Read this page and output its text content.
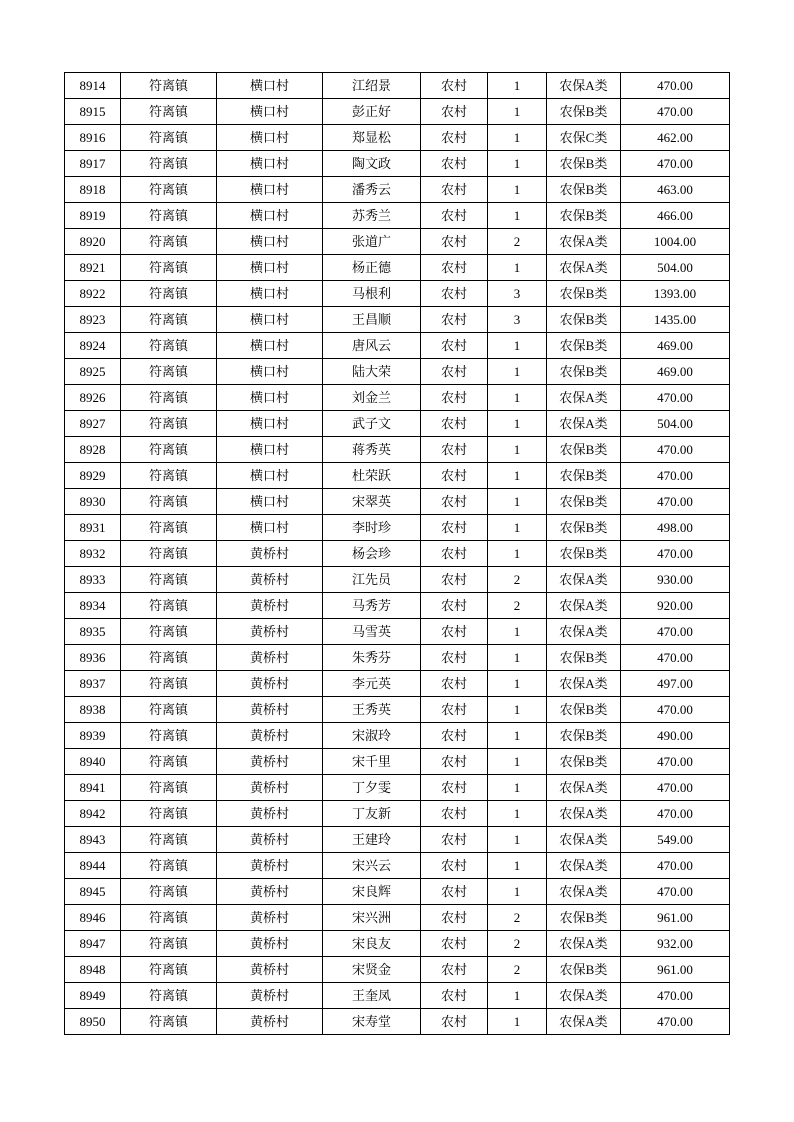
8914	符离镇	横口村	江绍景	农村	1	农保A类	470.00
8915	符离镇	横口村	彭正好	农村	1	农保B类	470.00
8916	符离镇	横口村	郑显松	农村	1	农保C类	462.00
8917	符离镇	横口村	陶文政	农村	1	农保B类	470.00
8918	符离镇	横口村	潘秀云	农村	1	农保B类	463.00
8919	符离镇	横口村	苏秀兰	农村	1	农保B类	466.00
8920	符离镇	横口村	张道广	农村	2	农保A类	1004.00
8921	符离镇	横口村	杨正德	农村	1	农保A类	504.00
8922	符离镇	横口村	马根利	农村	3	农保B类	1393.00
8923	符离镇	横口村	王昌顺	农村	3	农保B类	1435.00
8924	符离镇	横口村	唐风云	农村	1	农保B类	469.00
8925	符离镇	横口村	陆大荣	农村	1	农保B类	469.00
8926	符离镇	横口村	刘金兰	农村	1	农保A类	470.00
8927	符离镇	横口村	武子文	农村	1	农保A类	504.00
8928	符离镇	横口村	蒋秀英	农村	1	农保B类	470.00
8929	符离镇	横口村	杜荣跃	农村	1	农保B类	470.00
8930	符离镇	横口村	宋翠英	农村	1	农保B类	470.00
8931	符离镇	横口村	李时珍	农村	1	农保B类	498.00
8932	符离镇	黄桥村	杨会珍	农村	1	农保B类	470.00
8933	符离镇	黄桥村	江先员	农村	2	农保A类	930.00
8934	符离镇	黄桥村	马秀芳	农村	2	农保A类	920.00
8935	符离镇	黄桥村	马雪英	农村	1	农保A类	470.00
8936	符离镇	黄桥村	朱秀芬	农村	1	农保B类	470.00
8937	符离镇	黄桥村	李元英	农村	1	农保A类	497.00
8938	符离镇	黄桥村	王秀英	农村	1	农保B类	470.00
8939	符离镇	黄桥村	宋淑玲	农村	1	农保B类	490.00
8940	符离镇	黄桥村	宋千里	农村	1	农保B类	470.00
8941	符离镇	黄桥村	丁夕雯	农村	1	农保A类	470.00
8942	符离镇	黄桥村	丁友新	农村	1	农保A类	470.00
8943	符离镇	黄桥村	王建玲	农村	1	农保A类	549.00
8944	符离镇	黄桥村	宋兴云	农村	1	农保A类	470.00
8945	符离镇	黄桥村	宋良辉	农村	1	农保A类	470.00
8946	符离镇	黄桥村	宋兴洲	农村	2	农保B类	961.00
8947	符离镇	黄桥村	宋良友	农村	2	农保A类	932.00
8948	符离镇	黄桥村	宋贤金	农村	2	农保B类	961.00
8949	符离镇	黄桥村	王奎凤	农村	1	农保A类	470.00
8950	符离镇	黄桥村	宋寿堂	农村	1	农保A类	470.00
